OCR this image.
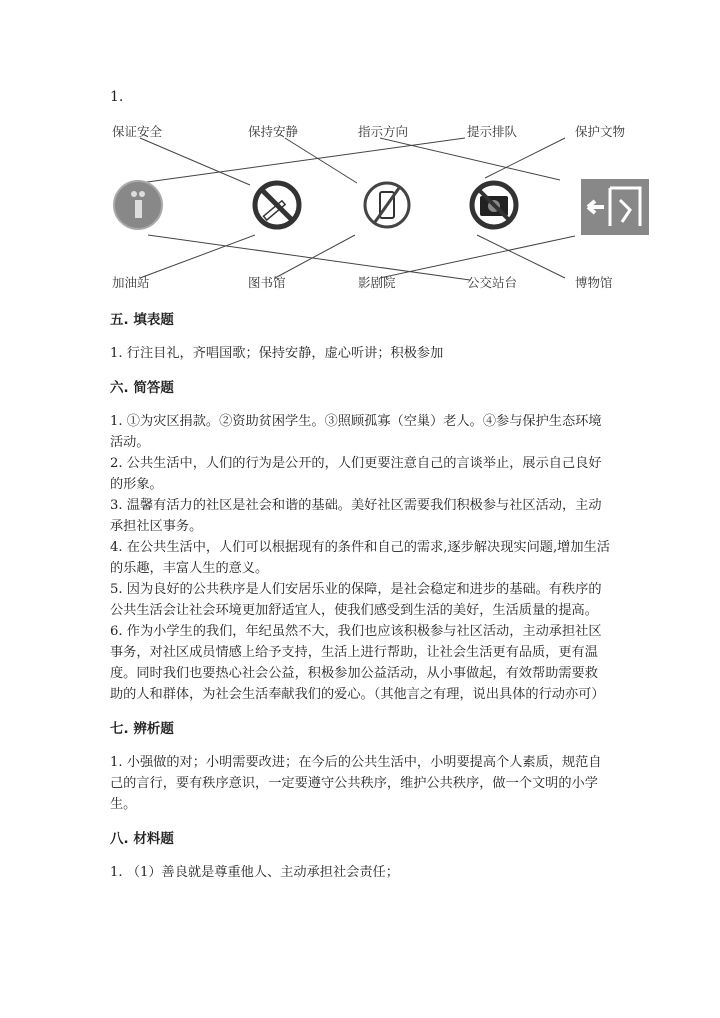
1.
保证安全	保持安静	指示方向	提示排队	保护文物
加油站	图书馆	影剧院	公交站台	博物馆
五. 填表题

1. 行注目礼，齐唱国歌；保持安静，虚心听讲；积极参加

六. 简答题

1. ①为灾区捐款。②资助贫困学生。③照顾孤寡（空巢）老人。④参与保护生态环境活动。

2. 公共生活中，人们的行为是公开的，人们更要注意自己的言谈举止，展示自己良好的形象。

3. 温馨有活力的社区是社会和谐的基础。美好社区需要我们积极参与社区活动，主动承担社区事务。

4. 在公共生活中，人们可以根据现有的条件和自己的需求,逐步解决现实问题,增加生活的乐趣，丰富人生的意义。

5. 因为良好的公共秩序是人们安居乐业的保障，是社会稳定和进步的基础。有秩序的公共生活会让社会环境更加舒适宜人，使我们感受到生活的美好，生活质量的提高。

6. 作为小学生的我们，年纪虽然不大，我们也应该积极参与社区活动，主动承担社区事务，对社区成员情感上给予支持，生活上进行帮助，让社会生活更有品质，更有温度。同时我们也要热心社会公益，积极参加公益活动，从小事做起，有效帮助需要救助的人和群体，为社会生活奉献我们的爱心。（其他言之有理，说出具体的行动亦可）

七. 辨析题

1. 小强做的对；小明需要改进；在今后的公共生活中，小明要提高个人素质，规范自己的言行，要有秩序意识，一定要遵守公共秩序，维护公共秩序，做一个文明的小学生。

八. 材料题

1. （1）善良就是尊重他人、主动承担社会责任；
